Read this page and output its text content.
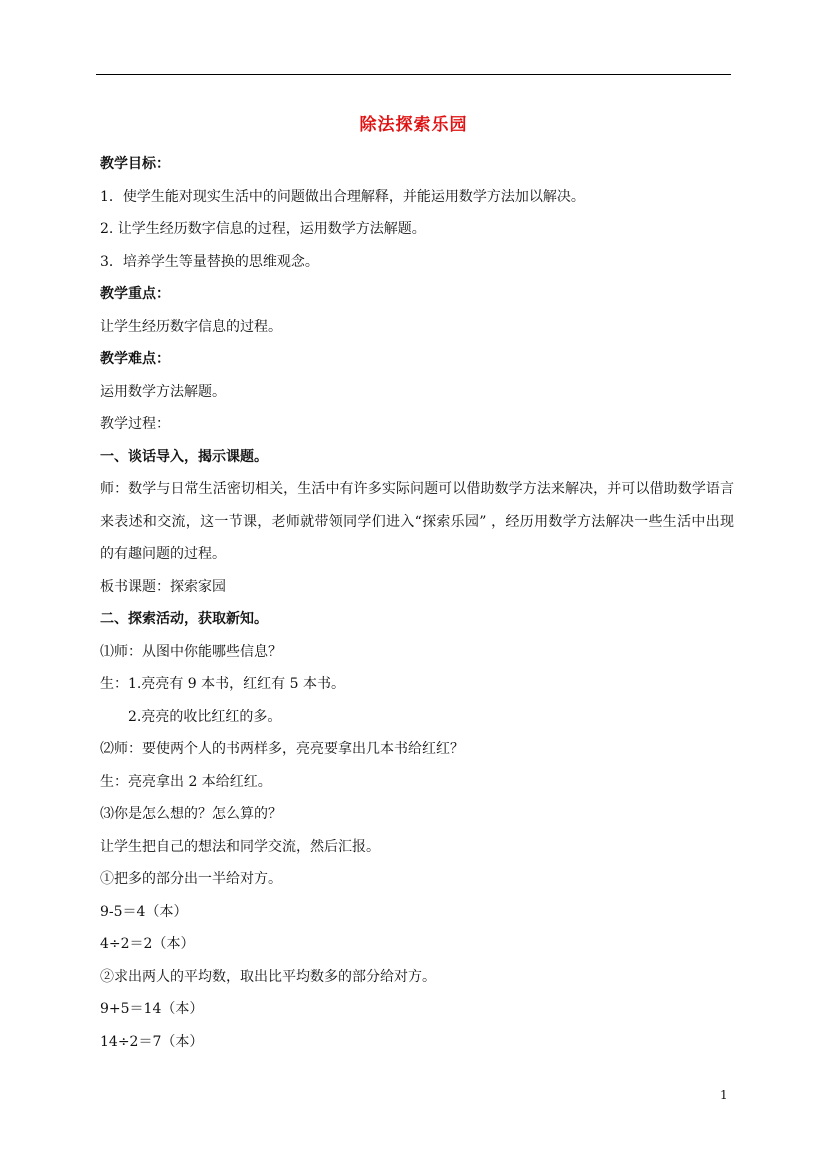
除法探索乐园

教学目标：

1．使学生能对现实生活中的问题做出合理解释，并能运用数学方法加以解决。

2. 让学生经历数字信息的过程，运用数学方法解题。

3．培养学生等量替换的思维观念。

教学重点：

让学生经历数字信息的过程。

教学难点：

运用数学方法解题。

教学过程：

一、谈话导入，揭示课题。

师：数学与日常生活密切相关，生活中有许多实际问题可以借助数学方法来解决，并可以借助数学语言来表述和交流，这一节课，老师就带领同学们进入“探索乐园” ，经历用数学方法解决一些生活中出现的有趣问题的过程。

板书课题：探索家园

二、探索活动，获取新知。

⑴师：从图中你能哪些信息？

生：1.亮亮有 9 本书，红红有 5 本书。

2.亮亮的收比红红的多。

⑵师：要使两个人的书两样多，亮亮要拿出几本书给红红？

生：亮亮拿出 2 本给红红。

⑶你是怎么想的？怎么算的？

让学生把自己的想法和同学交流，然后汇报。

①把多的部分出一半给对方。

9-5＝4（本）

4÷2＝2（本）

②求出两人的平均数，取出比平均数多的部分给对方。

9+5＝14（本）

14÷2＝7（本）

1
